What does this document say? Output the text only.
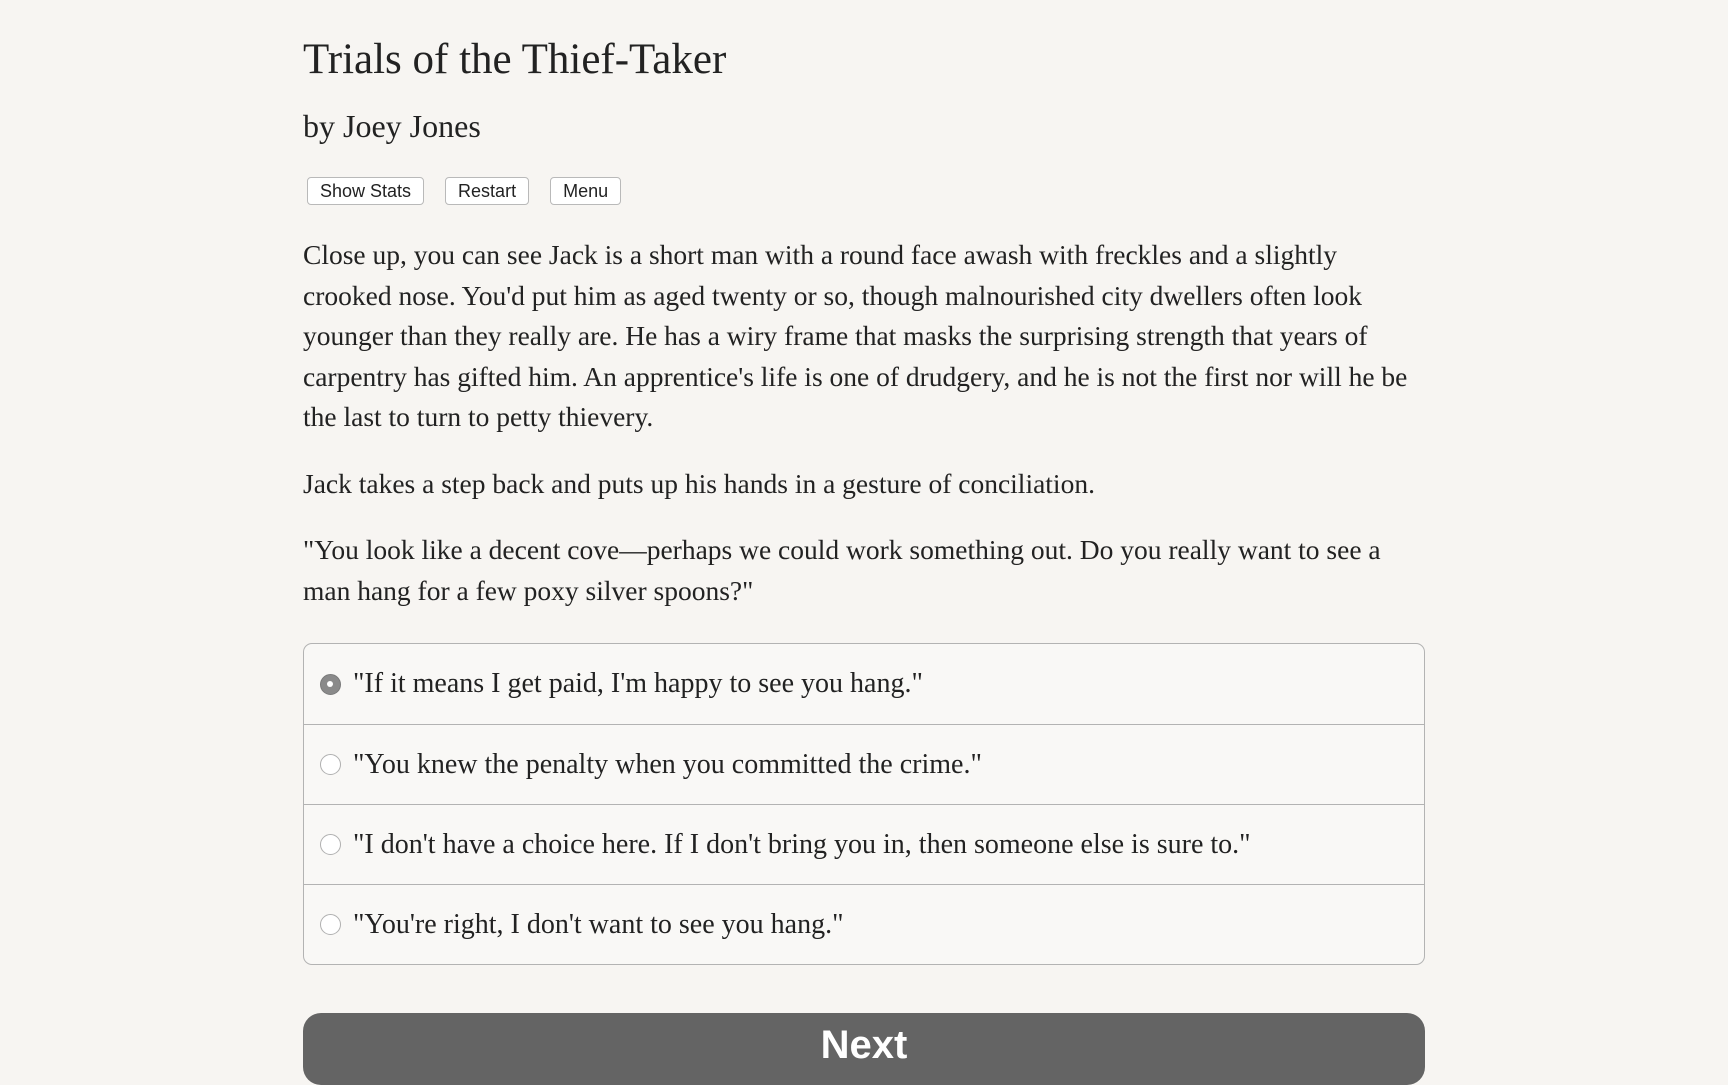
Trials of the Thief-Taker
by Joey Jones
Show Stats	Restart	Menu

Close up, you can see Jack is a short man with a round face awash with freckles and a slightly crooked nose. You'd put him as aged twenty or so, though malnourished city dwellers often look younger than they really are. He has a wiry frame that masks the surprising strength that years of carpentry has gifted him. An apprentice's life is one of drudgery, and he is not the first nor will he be the last to turn to petty thievery.

Jack takes a step back and puts up his hands in a gesture of conciliation.

"You look like a decent cove—perhaps we could work something out. Do you really want to see a man hang for a few poxy silver spoons?"

"If it means I get paid, I'm happy to see you hang."
"You knew the penalty when you committed the crime."
"I don't have a choice here. If I don't bring you in, then someone else is sure to."
"You're right, I don't want to see you hang."
Next
